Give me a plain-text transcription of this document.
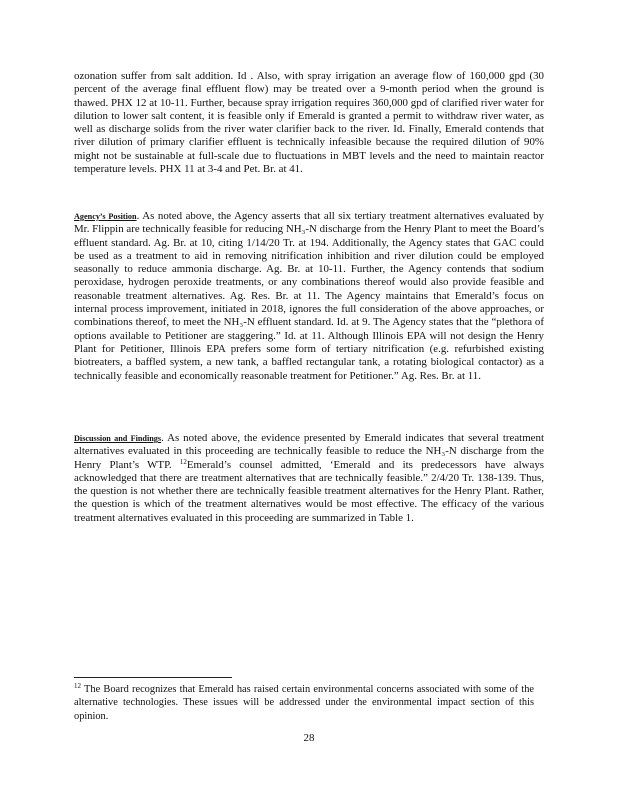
ozonation suffer from salt addition. Id . Also, with spray irrigation an average flow of 160,000 gpd (30 percent of the average final effluent flow) may be treated over a 9-month period when the ground is thawed. PHX 12 at 10-11. Further, because spray irrigation requires 360,000 gpd of clarified river water for dilution to lower salt content, it is feasible only if Emerald is granted a permit to withdraw river water, as well as discharge solids from the river water clarifier back to the river. Id. Finally, Emerald contends that river dilution of primary clarifier effluent is technically infeasible because the required dilution of 90% might not be sustainable at full-scale due to fluctuations in MBT levels and the need to maintain reactor temperature levels. PHX 11 at 3-4 and Pet. Br. at 41.

Agency’s Position. As noted above, the Agency asserts that all six tertiary treatment alternatives evaluated by Mr. Flippin are technically feasible for reducing NH₃-N discharge from the Henry Plant to meet the Board’s effluent standard. Ag. Br. at 10, citing 1/14/20 Tr. at 194. Additionally, the Agency states that GAC could be used as a treatment to aid in removing nitrification inhibition and river dilution could be employed seasonally to reduce ammonia discharge. Ag. Br. at 10-11. Further, the Agency contends that sodium peroxidase, hydrogen peroxide treatments, or any combinations thereof would also provide feasible and reasonable treatment alternatives. Ag. Res. Br. at 11. The Agency maintains that Emerald’s focus on internal process improvement, initiated in 2018, ignores the full consideration of the above approaches, or combinations thereof, to meet the NH₃-N effluent standard. Id. at 9. The Agency states that the “plethora of options available to Petitioner are staggering.” Id. at 11. Although Illinois EPA will not design the Henry Plant for Petitioner, Illinois EPA prefers some form of tertiary nitrification (e.g. refurbished existing biotreaters, a baffled system, a new tank, a baffled rectangular tank, a rotating biological contactor) as a technically feasible and economically reasonable treatment for Petitioner.” Ag. Res. Br. at 11.

Discussion and Findings. As noted above, the evidence presented by Emerald indicates that several treatment alternatives evaluated in this proceeding are technically feasible to reduce the NH₃-N discharge from the Henry Plant’s WTP. $^{12}$Emerald’s counsel admitted, ‘Emerald and its predecessors have always acknowledged that there are treatment alternatives that are technically feasible.” 2/4/20 Tr. 138-139. Thus, the question is not whether there are technically feasible treatment alternatives for the Henry Plant. Rather, the question is which of the treatment alternatives would be most effective. The efficacy of the various treatment alternatives evaluated in this proceeding are summarized in Table 1.

$^{12}$ The Board recognizes that Emerald has raised certain environmental concerns associated with some of the alternative technologies. These issues will be addressed under the environmental impact section of this opinion.

28
